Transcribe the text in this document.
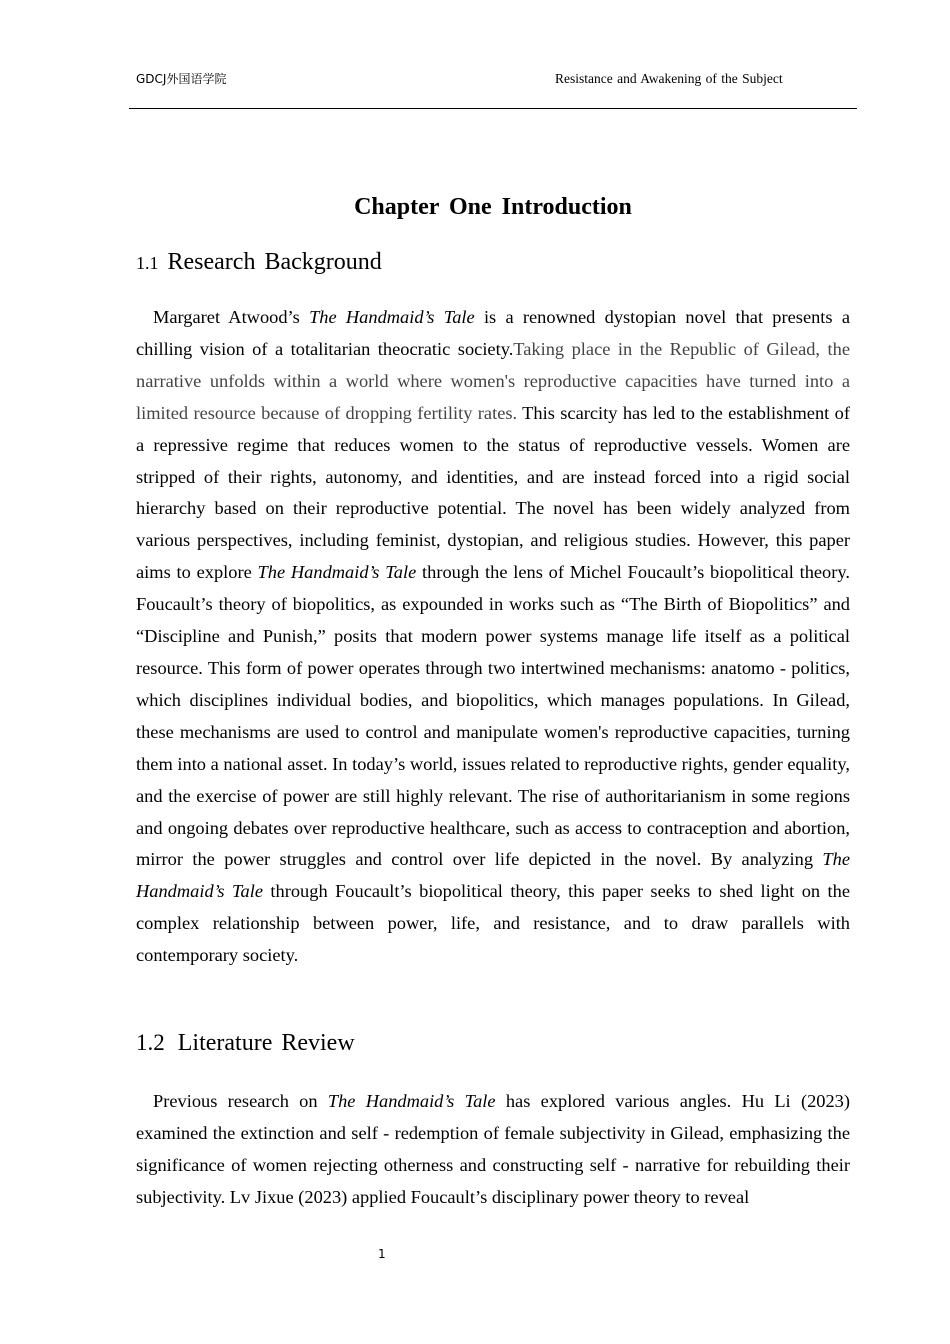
GDCJ外国语学院	Resistance and Awakening of the Subject
Chapter One Introduction
1.1 Research Background

Margaret Atwood’s The Handmaid’s Tale is a renowned dystopian novel that presents a chilling vision of a totalitarian theocratic society.Taking place in the Republic of Gilead, the narrative unfolds within a world where women's reproductive capacities have turned into a limited resource because of dropping fertility rates. This scarcity has led to the establishment of a repressive regime that reduces women to the status of reproductive vessels. Women are stripped of their rights, autonomy, and identities, and are instead forced into a rigid social hierarchy based on their reproductive potential. The novel has been widely analyzed from various perspectives, including feminist, dystopian, and religious studies. However, this paper aims to explore The Handmaid’s Tale through the lens of Michel Foucault’s biopolitical theory. Foucault’s theory of biopolitics, as expounded in works such as “The Birth of Biopolitics” and “Discipline and Punish,” posits that modern power systems manage life itself as a political resource. This form of power operates through two intertwined mechanisms: anatomo - politics, which disciplines individual bodies, and biopolitics, which manages populations. In Gilead, these mechanisms are used to control and manipulate women's reproductive capacities, turning them into a national asset. In today’s world, issues related to reproductive rights, gender equality, and the exercise of power are still highly relevant. The rise of authoritarianism in some regions and ongoing debates over reproductive healthcare, such as access to contraception and abortion, mirror the power struggles and control over life depicted in the novel. By analyzing The Handmaid’s Tale through Foucault’s biopolitical theory, this paper seeks to shed light on the complex relationship between power, life, and resistance, and to draw parallels with contemporary society.

1.2 Literature Review

Previous research on The Handmaid’s Tale has explored various angles. Hu Li (2023) examined the extinction and self - redemption of female subjectivity in Gilead, emphasizing the significance of women rejecting otherness and constructing self - narrative for rebuilding their subjectivity. Lv Jixue (2023) applied Foucault’s disciplinary power theory to reveal

1
